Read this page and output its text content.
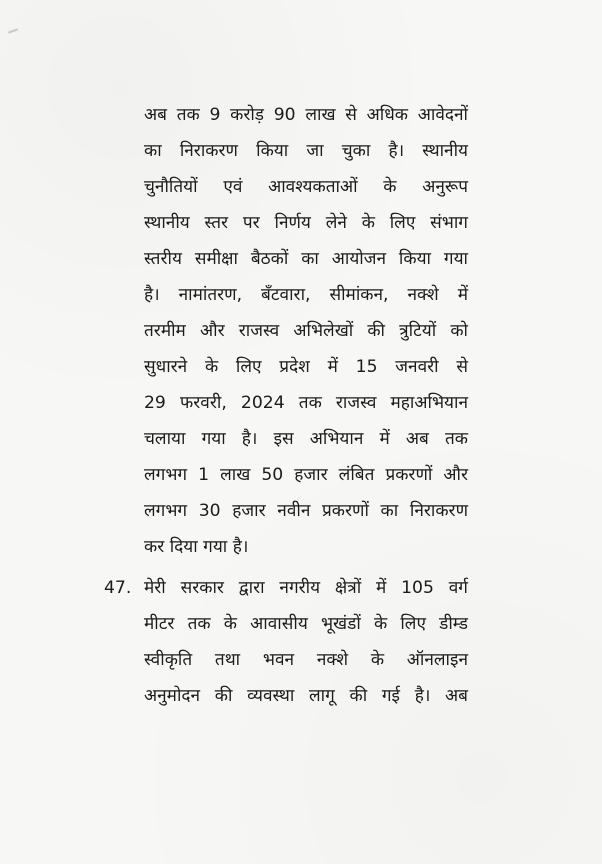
अब तक 9 करोड़ 90 लाख से अधिक आवेदनों
का निराकरण किया जा चुका है। स्थानीय
चुनौतियों एवं आवश्यकताओं के अनुरूप
स्थानीय स्तर पर निर्णय लेने के लिए संभाग
स्तरीय समीक्षा बैठकों का आयोजन किया गया
है। नामांतरण, बँटवारा, सीमांकन, नक्शे में
तरमीम और राजस्व अभिलेखों की त्रुटियों को
सुधारने के लिए प्रदेश में 15 जनवरी से
29 फरवरी, 2024 तक राजस्व महाअभियान
चलाया गया है। इस अभियान में अब तक
लगभग 1 लाख 50 हजार लंबित प्रकरणों और
लगभग 30 हजार नवीन प्रकरणों का निराकरण
कर दिया गया है।
47. मेरी सरकार द्वारा नगरीय क्षेत्रों में 105 वर्ग
मीटर तक के आवासीय भूखंडों के लिए डीम्ड
स्वीकृति तथा भवन नक्शे के ऑनलाइन
अनुमोदन की व्यवस्था लागू की गई है। अब
